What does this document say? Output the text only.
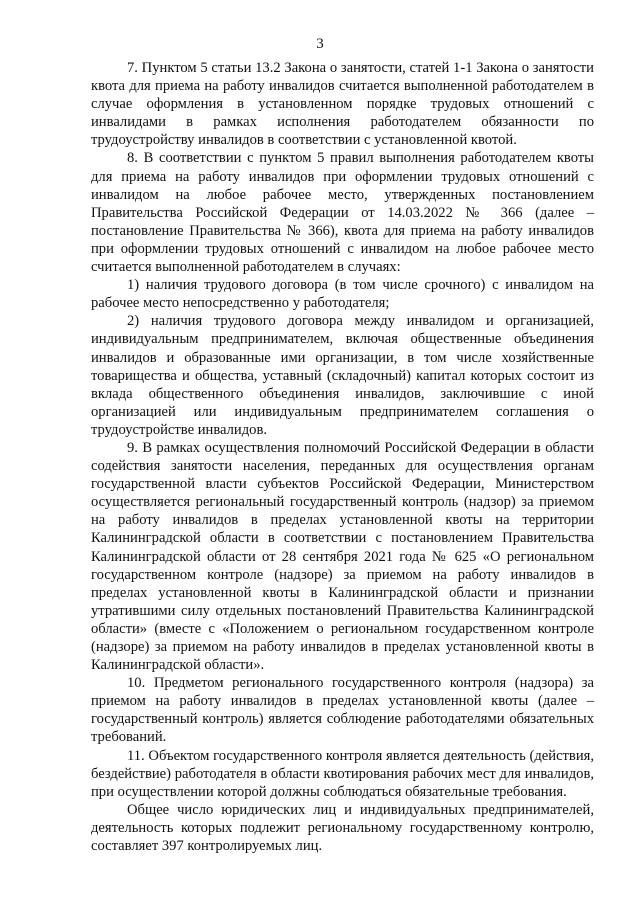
3

7. Пунктом 5 статьи 13.2 Закона о занятости, статей 1-1 Закона о занятости квота для приема на работу инвалидов считается выполненной работодателем в случае оформления в установленном порядке трудовых отношений с инвалидами в рамках исполнения работодателем обязанности по трудоустройству инвалидов в соответствии с установленной квотой.

8. В соответствии с пунктом 5 правил выполнения работодателем квоты для приема на работу инвалидов при оформлении трудовых отношений с инвалидом на любое рабочее место, утвержденных постановлением Правительства Российской Федерации от 14.03.2022 № 366 (далее – постановление Правительства № 366), квота для приема на работу инвалидов при оформлении трудовых отношений с инвалидом на любое рабочее место считается выполненной работодателем в случаях:

1) наличия трудового договора (в том числе срочного) с инвалидом на рабочее место непосредственно у работодателя;

2) наличия трудового договора между инвалидом и организацией, индивидуальным предпринимателем, включая общественные объединения инвалидов и образованные ими организации, в том числе хозяйственные товарищества и общества, уставный (складочный) капитал которых состоит из вклада общественного объединения инвалидов, заключившие с иной организацией или индивидуальным предпринимателем соглашения о трудоустройстве инвалидов.

9. В рамках осуществления полномочий Российской Федерации в области содействия занятости населения, переданных для осуществления органам государственной власти субъектов Российской Федерации, Министерством осуществляется региональный государственный контроль (надзор) за приемом на работу инвалидов в пределах установленной квоты на территории Калининградской области в соответствии с постановлением Правительства Калининградской области от 28 сентября 2021 года № 625 «О региональном государственном контроле (надзоре) за приемом на работу инвалидов в пределах установленной квоты в Калининградской области и признании утратившими силу отдельных постановлений Правительства Калининградской области» (вместе с «Положением о региональном государственном контроле (надзоре) за приемом на работу инвалидов в пределах установленной квоты в Калининградской области».

10. Предметом регионального государственного контроля (надзора) за приемом на работу инвалидов в пределах установленной квоты (далее – государственный контроль) является соблюдение работодателями обязательных требований.

11. Объектом государственного контроля является деятельность (действия, бездействие) работодателя в области квотирования рабочих мест для инвалидов, при осуществлении которой должны соблюдаться обязательные требования.

Общее число юридических лиц и индивидуальных предпринимателей, деятельность которых подлежит региональному государственному контролю, составляет 397 контролируемых лиц.
